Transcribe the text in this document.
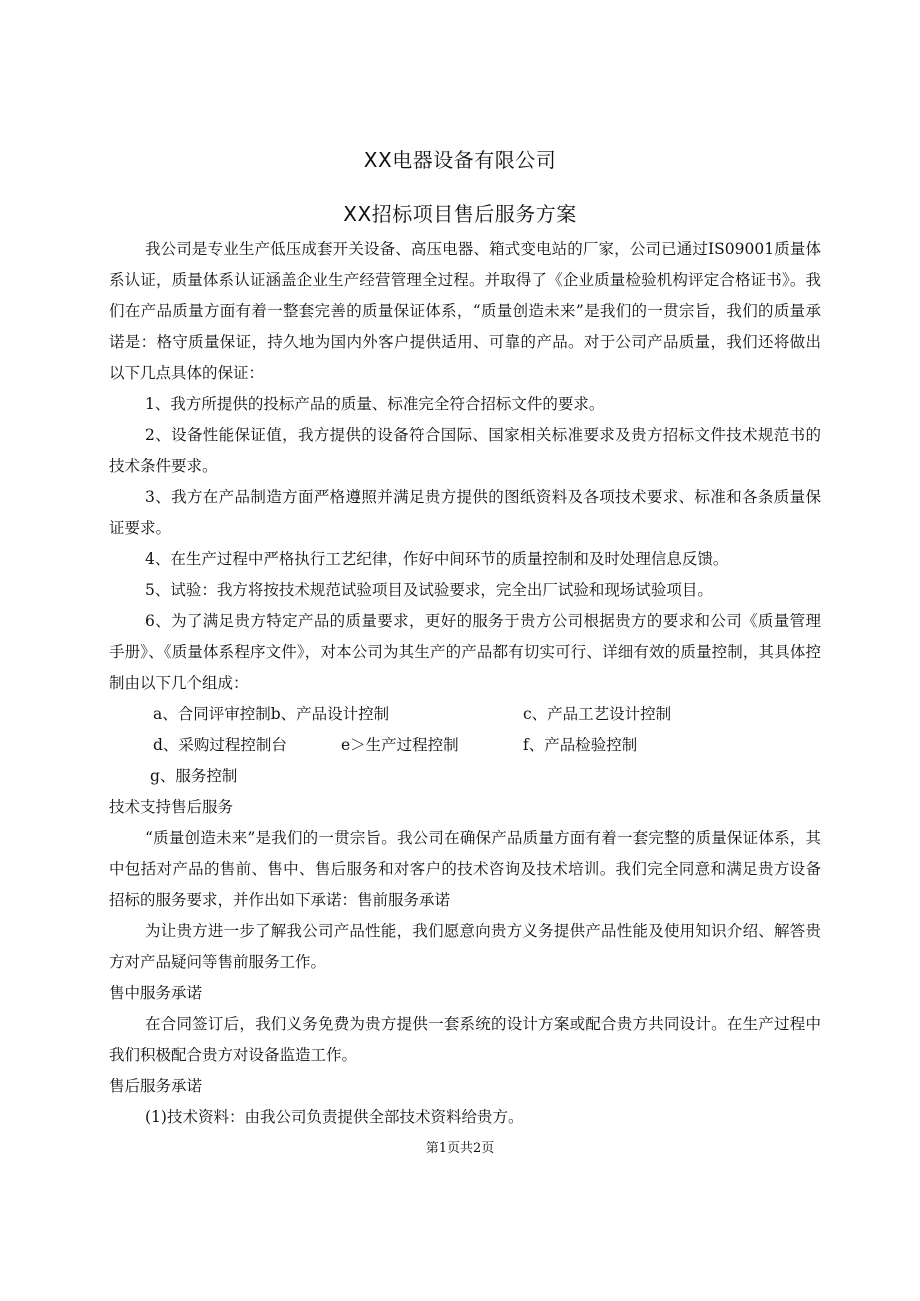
XX电器设备有限公司
XX招标项目售后服务方案

我公司是专业生产低压成套开关设备、高压电器、箱式变电站的厂家，公司已通过IS09001质量体系认证，质量体系认证涵盖企业生产经营管理全过程。并取得了《企业质量检验机构评定合格证书》。我们在产品质量方面有着一整套完善的质量保证体系，“质量创造未来”是我们的一贯宗旨，我们的质量承诺是：格守质量保证，持久地为国内外客户提供适用、可靠的产品。对于公司产品质量，我们还将做出以下几点具体的保证：

1、我方所提供的投标产品的质量、标准完全符合招标文件的要求。

2、设备性能保证值，我方提供的设备符合国际、国家相关标准要求及贵方招标文件技术规范书的技术条件要求。

3、我方在产品制造方面严格遵照并满足贵方提供的图纸资料及各项技术要求、标准和各条质量保证要求。

4、在生产过程中严格执行工艺纪律，作好中间环节的质量控制和及时处理信息反馈。

5、试验：我方将按技术规范试验项目及试验要求，完全出厂试验和现场试验项目。

6、为了满足贵方特定产品的质量要求，更好的服务于贵方公司根据贵方的要求和公司《质量管理手册》、《质量体系程序文件》，对本公司为其生产的产品都有切实可行、详细有效的质量控制，其具体控制由以下几个组成：

a、合同评审控制b、产品设计控制	c、产品工艺设计控制
d、采购过程控制台	e＞生产过程控制	f、产品检验控制
g、服务控制

技术支持售后服务

“质量创造未来”是我们的一贯宗旨。我公司在确保产品质量方面有着一套完整的质量保证体系，其中包括对产品的售前、售中、售后服务和对客户的技术咨询及技术培训。我们完全同意和满足贵方设备招标的服务要求，并作出如下承诺：售前服务承诺

为让贵方进一步了解我公司产品性能，我们愿意向贵方义务提供产品性能及使用知识介绍、解答贵方对产品疑问等售前服务工作。

售中服务承诺

在合同签订后，我们义务免费为贵方提供一套系统的设计方案或配合贵方共同设计。在生产过程中我们积极配合贵方对设备监造工作。

售后服务承诺

(1)技术资料：由我公司负责提供全部技术资料给贵方。

第1页共2页
